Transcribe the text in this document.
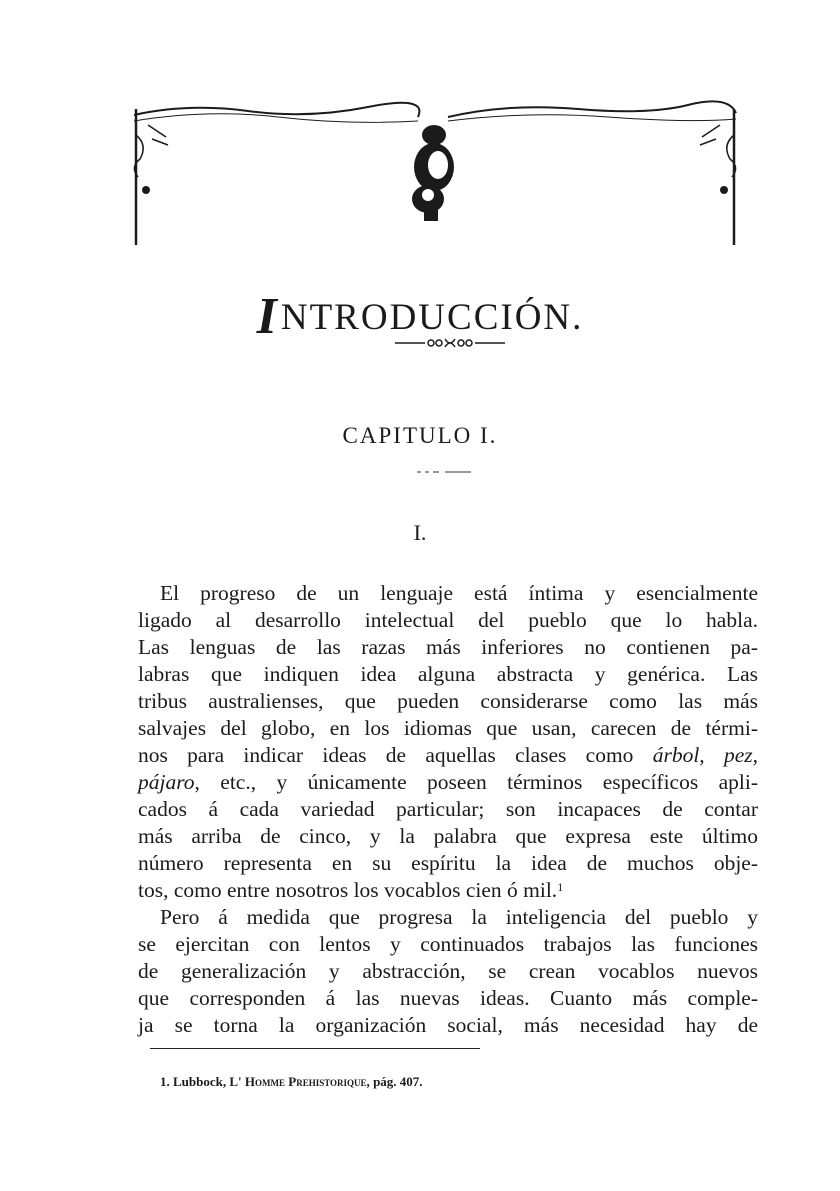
INTRODUCCIÓN.
CAPITULO I.
I.
El progreso de un lenguaje está íntima y esencialmente
ligado al desarrollo intelectual del pueblo que lo habla.
Las lenguas de las razas más inferiores no contienen pa-
labras que indiquen idea alguna abstracta y genérica. Las
tribus australienses, que pueden considerarse como las más
salvajes del globo, en los idiomas que usan, carecen de térmi-
nos para indicar ideas de aquellas clases como árbol, pez,
pájaro, etc., y únicamente poseen términos específicos apli-
cados á cada variedad particular; son incapaces de contar
más arriba de cinco, y la palabra que expresa este último
número representa en su espíritu la idea de muchos obje-
tos, como entre nosotros los vocablos cien ó mil.$^1$
Pero á medida que progresa la inteligencia del pueblo y
se ejercitan con lentos y continuados trabajos las funciones
de generalización y abstracción, se crean vocablos nuevos
que corresponden á las nuevas ideas. Cuanto más comple-
ja se torna la organización social, más necesidad hay de
1. Lubbock, L' Homme Prehistorique, pág. 407.
